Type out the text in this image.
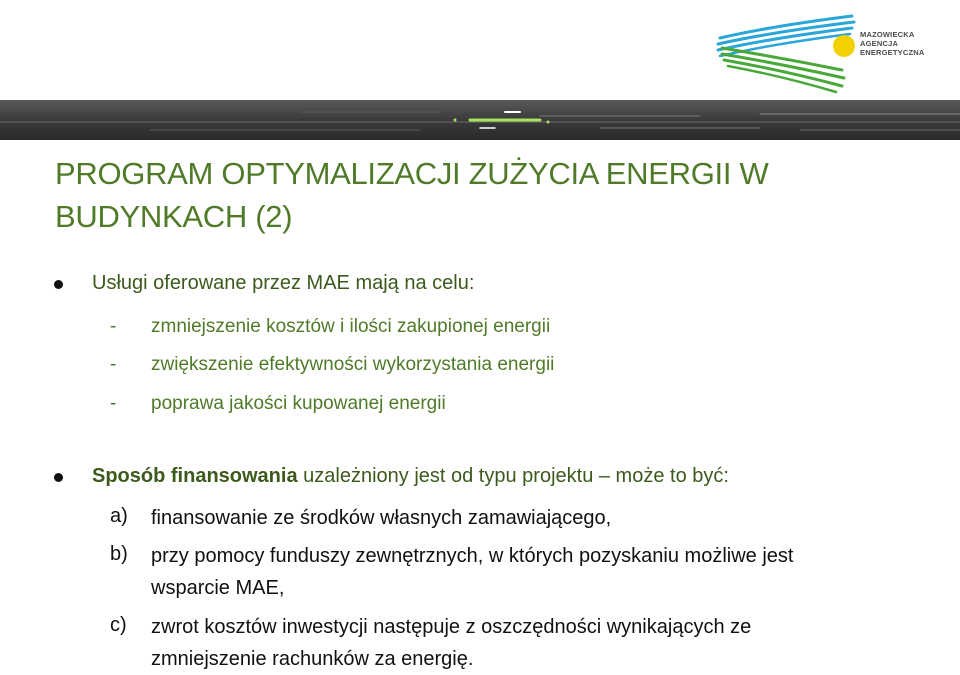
MAZOWIECKA
AGENCJA
ENERGETYCZNA
PROGRAM OPTYMALIZACJI ZUŻYCIA ENERGII W
BUDYNKACH (2)
Usługi oferowane przez MAE mają na celu:
- zmniejszenie kosztów i ilości zakupionej energii
- zwiększenie efektywności wykorzystania energii
- poprawa jakości kupowanej energii
Sposób finansowania uzależniony jest od typu projektu – może to być:
a) finansowanie ze środków własnych zamawiającego,
b) przy pomocy funduszy zewnętrznych, w których pozyskaniu możliwe jest wsparcie MAE,
c) zwrot kosztów inwestycji następuje z oszczędności wynikających ze zmniejszenie rachunków za energię.
